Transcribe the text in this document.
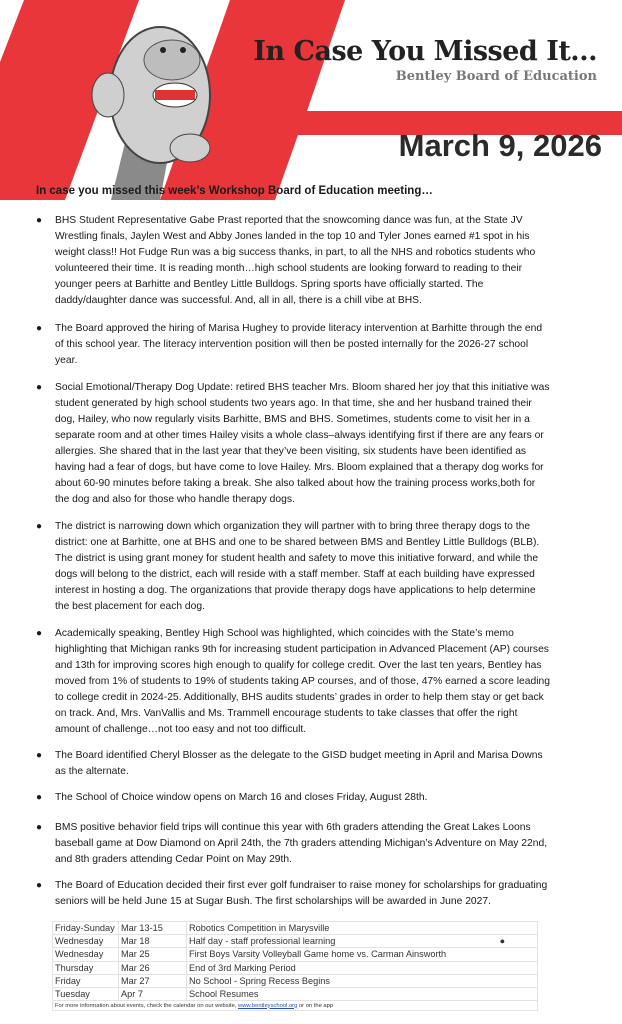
In Case You Missed It...
Bentley Board of Education
LEARN TODAY. LEAD TOMORROW.
March 9, 2026
In case you missed this week’s Workshop Board of Education meeting…
●	BHS Student Representative Gabe Prast reported that the snowcoming dance was fun, at the State JV Wrestling finals, Jaylen West and Abby Jones landed in the top 10 and Tyler Jones earned #1 spot in his weight class!! Hot Fudge Run was a big success thanks, in part, to all the NHS and robotics students who volunteered their time. It is reading month…high school students are looking forward to reading to their younger peers at Barhitte and Bentley Little Bulldogs. Spring sports have officially started. The daddy/daughter dance was successful. And, all in all, there is a chill vibe at BHS.
●	The Board approved the hiring of Marisa Hughey to provide literacy intervention at Barhitte through the end of this school year. The literacy intervention position will then be posted internally for the 2026-27 school year.
●	Social Emotional/Therapy Dog Update: retired BHS teacher Mrs. Bloom shared her joy that this initiative was student generated by high school students two years ago. In that time, she and her husband trained their dog, Hailey, who now regularly visits Barhitte, BMS and BHS. Sometimes, students come to visit her in a separate room and at other times Hailey visits a whole class–always identifying first if there are any fears or allergies. She shared that in the last year that they’ve been visiting, six students have been identified as having had a fear of dogs, but have come to love Hailey. Mrs. Bloom explained that a therapy dog works for about 60-90 minutes before taking a break. She also talked about how the training process works,both for the dog and also for those who handle therapy dogs.
●	The district is narrowing down which organization they will partner with to bring three therapy dogs to the district: one at Barhitte, one at BHS and one to be shared between BMS and Bentley Little Bulldogs (BLB). The district is using grant money for student health and safety to move this initiative forward, and while the dogs will belong to the district, each will reside with a staff member. Staff at each building have expressed interest in hosting a dog. The organizations that provide therapy dogs have applications to help determine the best placement for each dog.
●	Academically speaking, Bentley High School was highlighted, which coincides with the State’s memo highlighting that Michigan ranks 9th for increasing student participation in Advanced Placement (AP) courses and 13th for improving scores high enough to qualify for college credit. Over the last ten years, Bentley has moved from 1% of students to 19% of students taking AP courses, and of those, 47% earned a score leading to college credit in 2024-25. Additionally, BHS audits students’ grades in order to help them stay or get back on track. And, Mrs. VanVallis and Ms. Trammell encourage students to take classes that offer the right amount of challenge…not too easy and not too difficult.
●	The Board identified Cheryl Blosser as the delegate to the GISD budget meeting in April and Marisa Downs as the alternate.
●	The School of Choice window opens on March 16 and closes Friday, August 28th.
●	BMS positive behavior field trips will continue this year with 6th graders attending the Great Lakes Loons baseball game at Dow Diamond on April 24th, the 7th graders attending Michigan’s Adventure on May 22nd, and 8th graders attending Cedar Point on May 29th.
●	The Board of Education decided their first ever golf fundraiser to raise money for scholarships for graduating seniors will be held June 15 at Sugar Bush. The first scholarships will be awarded in June 2027.
Friday-Sunday	Mar 13-15	Robotics Competition in Marysville
Wednesday	Mar 18	Half day - staff professional learning ●

Wednesday	Mar 25	First Boys Varsity Volleyball Game home vs. Carman Ainsworth
Thursday	Mar 26	End of 3rd Marking Period
Friday	Mar 27	No School - Spring Recess Begins
Tuesday	Apr 7	School Resumes
For more information about events, check the calendar on our website, www.bentleyschool.org or on the app		
